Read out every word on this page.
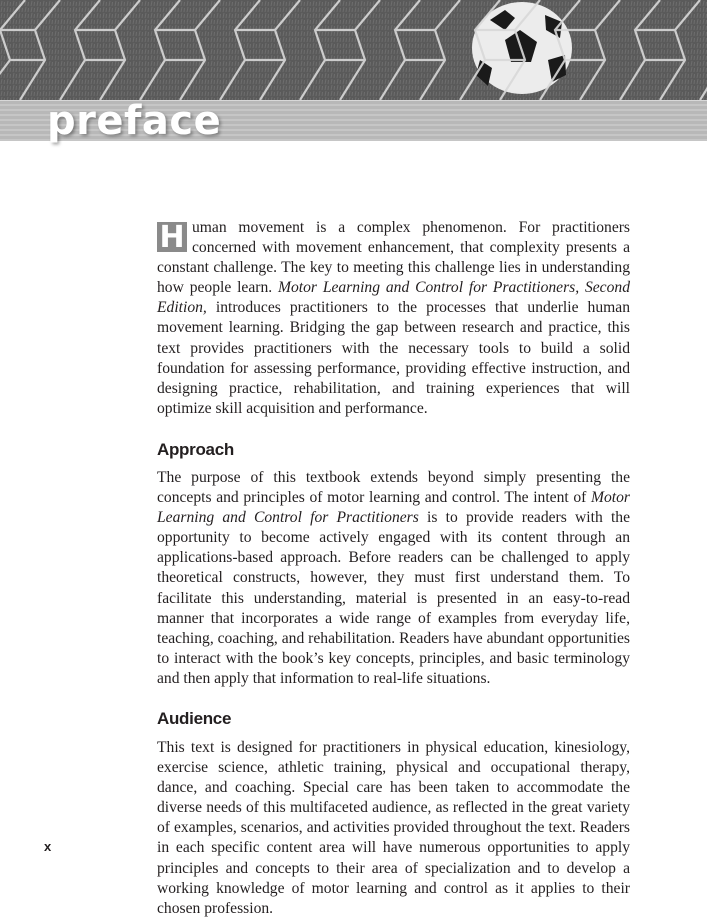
preface

H uman movement is a complex phenomenon. For practitioners concerned with movement enhancement, that complexity presents a constant challenge. The key to meeting this challenge lies in understanding how people learn. Motor Learning and Control for Practitioners, Second Edition, introduces practitioners to the processes that underlie human movement learning. Bridging the gap between research and practice, this text provides practitioners with the necessary tools to build a solid foundation for assessing performance, providing effective instruction, and designing practice, rehabilitation, and training experiences that will optimize skill acquisition and performance.

Approach

The purpose of this textbook extends beyond simply presenting the concepts and principles of motor learning and control. The intent of Motor Learning and Control for Practitioners is to provide readers with the opportunity to become actively engaged with its content through an applications-based approach. Before readers can be challenged to apply theoretical constructs, however, they must first understand them. To facilitate this understanding, material is presented in an easy-to-read manner that incorporates a wide range of examples from everyday life, teaching, coaching, and rehabilitation. Readers have abundant opportunities to interact with the book’s key concepts, principles, and basic terminology and then apply that information to real-life situations.

Audience

This text is designed for practitioners in physical education, kinesiology, exercise science, athletic training, physical and occupational therapy, dance, and coaching. Special care has been taken to accommodate the diverse needs of this multifaceted audience, as reflected in the great variety of examples, scenarios, and activities provided throughout the text. Readers in each specific content area will have numerous opportunities to apply principles and concepts to their area of specialization and to develop a working knowledge of motor learning and control as it applies to their chosen profession.

x
